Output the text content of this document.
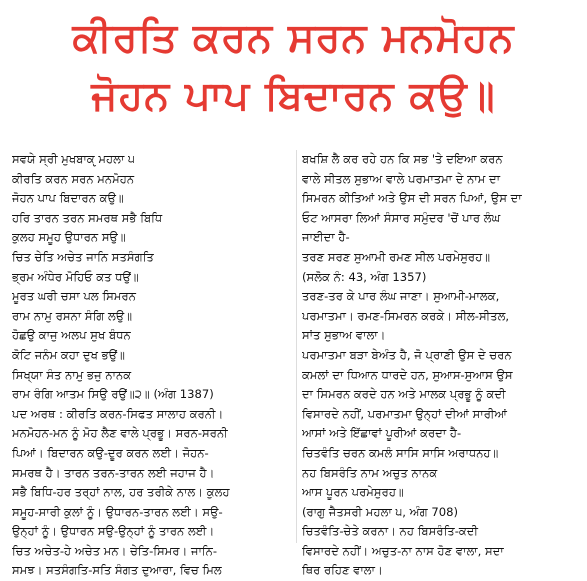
ਕੀਰਤਿ ਕਰਨ ਸਰਨ ਮਨਮੋਹਨ
ਜੋਹਨ ਪਾਪ ਬਿਦਾਰਨ ਕਉ॥
ਸਵਯੇ ਸ੍ਰੀ ਮੁਖਬਾਕੵ ਮਹਲਾ ੫
ਕੀਰਤਿ ਕਰਨ ਸਰਨ ਮਨਮੋਹਨ
ਜੋਹਨ ਪਾਪ ਬਿਦਾਰਨ ਕਉ॥
ਹਰਿ ਤਾਰਨ ਤਰਨ ਸਮਰਥ ਸਭੈ ਬਿਧਿ
ਕੁਲਹ ਸਮੂਹ ਉਧਾਰਨ ਸਉ॥
ਚਿਤ ਚੇਤਿ ਅਚੇਤ ਜਾਨਿ ਸਤਸੰਗਤਿ
ਭ੍ਰਮ ਅੰਧੇਰ ਮੋਹਿਓ ਕਤ ਧਉਂ॥
ਮੂਰਤ ਘਰੀ ਚਸਾ ਪਲ ਸਿਮਰਨ
ਰਾਮ ਨਾਮੁ ਰਸਨਾ ਸੰਗਿ ਲਉ॥
ਹੋਛਉ ਕਾਜੁ ਅਲਪ ਸੁਖ ਬੰਧਨ
ਕੋਟਿ ਜਨੰਮ ਕਹਾ ਦੁਖ ਭਉਂ॥
ਸਿਖ੍ਯਾ ਸੰਤ ਨਾਮੁ ਭਜੁ ਨਾਨਕ
ਰਾਮ ਰੰਗਿ ਆਤਮ ਸਿਉ ਰਉਂ॥੨॥ (ਅੰਗ 1387)
ਪਦ ਅਰਥ : ਕੀਰਤਿ ਕਰਨ-ਸਿਫਤ ਸਾਲਾਹ ਕਰਨੀ।
ਮਨਮੋਹਨ-ਮਨ ਨੂੰ ਮੋਹ ਲੈਣ ਵਾਲੇ ਪ੍ਰਭੂ। ਸਰਨ-ਸਰਨੀ
ਪਿਆਂ। ਬਿਦਾਰਨ ਕਉ-ਦੂਰ ਕਰਨ ਲਈ। ਜੋਹਨ-
ਸਮਰਥ ਹੈ। ਤਾਰਨ ਤਰਨ-ਤਾਰਨ ਲਈ ਜਹਾਜ ਹੈ।
ਸਭੈ ਬਿਧਿ-ਹਰ ਤਰ੍ਹਾਂ ਨਾਲ, ਹਰ ਤਰੀਕੇ ਨਾਲ। ਕੁਲਹ
ਸਮੂਹ-ਸਾਰੀ ਕੁਲਾਂ ਨੂੰ। ਉਧਾਰਨ-ਤਾਰਨ ਲਈ। ਸਉ-
ਉਨ੍ਹਾਂ ਨੂੰ। ਉਧਾਰਨ ਸਉ-ਉਨ੍ਹਾਂ ਨੂੰ ਤਾਰਨ ਲਈ।
ਚਿਤ ਅਚੇਤ-ਹੇ ਅਚੇਤ ਮਨ। ਚੇਤਿ-ਸਿਮਰ। ਜਾਨਿ-
ਸਮਝ। ਸਤਸੰਗਤਿ-ਸਤਿ ਸੰਗਤ ਦੁਆਰਾ, ਵਿਚ ਮਿਲ
ਬਖਸ਼ਿ ਲੈ ਕਰ ਰਹੇ ਹਨ ਕਿ ਸਭ 'ਤੇ ਦਇਆ ਕਰਨ
ਵਾਲੇ ਸੀਤਲ ਸੁਭਾਅ ਵਾਲੇ ਪਰਮਾਤਮਾ ਦੇ ਨਾਮ ਦਾ
ਸਿਮਰਨ ਕੀਤਿਆਂ ਅਤੇ ਉਸ ਦੀ ਸਰਨ ਪਿਆਂ, ਉਸ ਦਾ
ਓਟ ਆਸਰਾ ਲਿਆਂ ਸੰਸਾਰ ਸਮੁੰਦਰ 'ਚੋਂ ਪਾਰ ਲੰਘ
ਜਾਈਦਾ ਹੈ-
ਤਰਣ ਸਰਣ ਸੁਆਮੀ ਰਮਣ ਸੀਲ ਪਰਮੇਸੁਰਹ॥
(ਸਲੋਕ ਨੰ: 43, ਅੰਗ 1357)
ਤਰਣ-ਤਰ ਕੇ ਪਾਰ ਲੰਘ ਜਾਣਾ। ਸੁਆਮੀ-ਮਾਲਕ,
ਪਰਮਾਤਮਾ। ਰਮਣ-ਸਿਮਰਨ ਕਰਕੇ। ਸੀਲ-ਸੀਤਲ,
ਸਾਂਤ ਸੁਭਾਅ ਵਾਲਾ।
ਪਰਮਾਤਮਾ ਬੜਾ ਬੇਅੰਤ ਹੈ, ਜੋ ਪ੍ਰਾਣੀ ਉਸ ਦੇ ਚਰਨ
ਕਮਲਾਂ ਦਾ ਧਿਆਨ ਧਾਰਦੇ ਹਨ, ਸੁਆਸ-ਸੁਆਸ ਉਸ
ਦਾ ਸਿਮਰਨ ਕਰਦੇ ਹਨ ਅਤੇ ਮਾਲਕ ਪ੍ਰਭੂ ਨੂੰ ਕਦੀ
ਵਿਸਾਰਦੇ ਨਹੀਂ, ਪਰਮਾਤਮਾ ਉਨ੍ਹਾਂ ਦੀਆਂ ਸਾਰੀਆਂ
ਆਸਾਂ ਅਤੇ ਇੱਛਾਵਾਂ ਪੂਰੀਆਂ ਕਰਦਾ ਹੈ-
ਚਿਤਵੰਤਿ ਚਰਨ ਕਮਲੰ ਸਾਸਿ ਸਾਸਿ ਅਰਾਧਨਹ॥
ਨਹ ਬਿਸਰੰਤਿ ਨਾਮ ਅਚੁਤ ਨਾਨਕ
ਆਸ ਪੂਰਨ ਪਰਮੇਸੁਰਹ॥
(ਰਾਗੁ ਜੈਤਸਰੀ ਮਹਲਾ ੫, ਅੰਗ 708)
ਚਿਤਵੰਤਿ-ਚੇਤੇ ਕਰਨਾ। ਨਹ ਬਿਸਰੰਤਿ-ਕਦੀ
ਵਿਸਾਰਦੇ ਨਹੀਂ। ਅਚੁਤ-ਨਾ ਨਾਸ ਹੋਣ ਵਾਲਾ, ਸਦਾ
ਥਿਰ ਰਹਿਣ ਵਾਲਾ।
